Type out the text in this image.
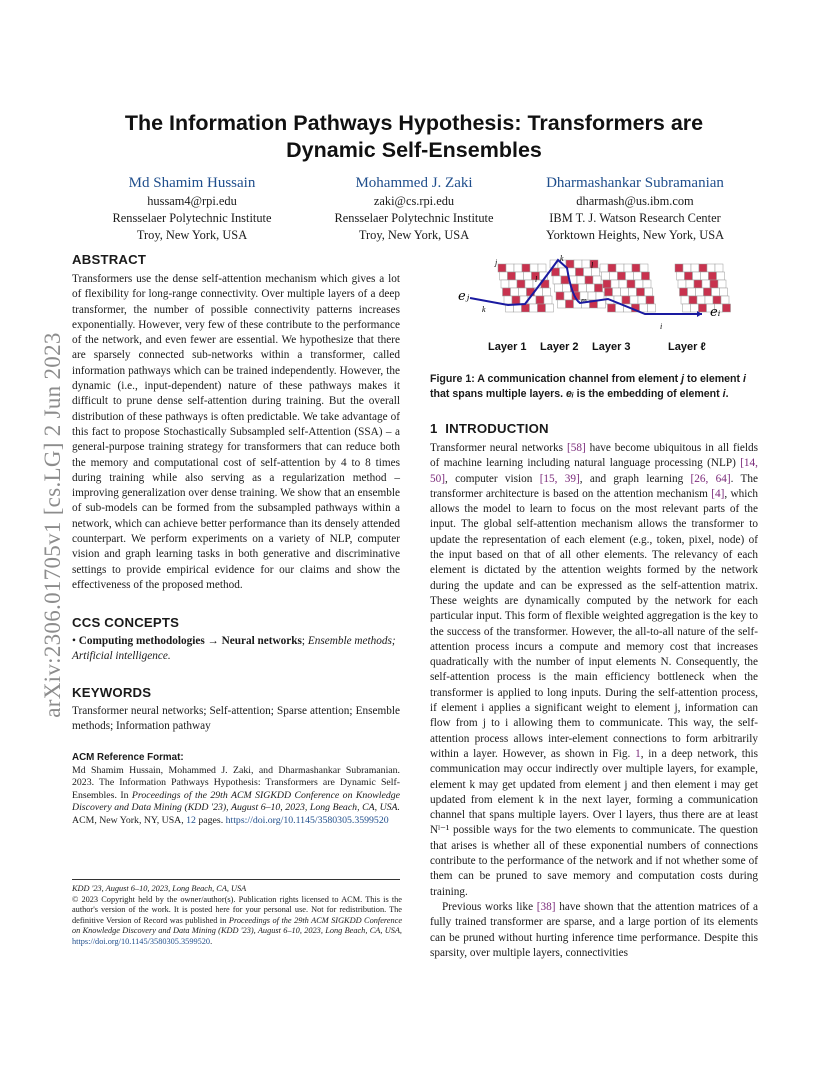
arXiv:2306.01705v1 [cs.LG] 2 Jun 2023
The Information Pathways Hypothesis: Transformers are Dynamic Self-Ensembles
Md Shamim Hussain
hussam4@rpi.edu
Rensselaer Polytechnic Institute
Troy, New York, USA
Mohammed J. Zaki
zaki@cs.rpi.edu
Rensselaer Polytechnic Institute
Troy, New York, USA
Dharmashankar Subramanian
dharmash@us.ibm.com
IBM T. J. Watson Research Center
Yorktown Heights, New York, USA
ABSTRACT
Transformers use the dense self-attention mechanism which gives a lot of flexibility for long-range connectivity. Over multiple layers of a deep transformer, the number of possible connectivity patterns increases exponentially. However, very few of these contribute to the performance of the network, and even fewer are essential. We hypothesize that there are sparsely connected sub-networks within a transformer, called information pathways which can be trained independently. However, the dynamic (i.e., input-dependent) nature of these pathways makes it difficult to prune dense self-attention during training. But the overall distribution of these pathways is often predictable. We take advantage of this fact to propose Stochastically Subsampled self-Attention (SSA) – a general-purpose training strategy for transformers that can reduce both the memory and computational cost of self-attention by 4 to 8 times during training while also serving as a regularization method – improving generalization over dense training. We show that an ensemble of sub-models can be formed from the subsampled pathways within a network, which can achieve better performance than its densely attended counterpart. We perform experiments on a variety of NLP, computer vision and graph learning tasks in both generative and discriminative settings to provide empirical evidence for our claims and show the effectiveness of the proposed method.
CCS CONCEPTS
• Computing methodologies → Neural networks; Ensemble methods; Artificial intelligence.
KEYWORDS
Transformer neural networks; Self-attention; Sparse attention; Ensemble methods; Information pathway
ACM Reference Format:
Md Shamim Hussain, Mohammed J. Zaki, and Dharmashankar Subramanian. 2023. The Information Pathways Hypothesis: Transformers are Dynamic Self-Ensembles. In Proceedings of the 29th ACM SIGKDD Conference on Knowledge Discovery and Data Mining (KDD '23), August 6–10, 2023, Long Beach, CA, USA. ACM, New York, NY, USA, 12 pages. https://doi.org/10.1145/3580305.3599520
KDD '23, August 6–10, 2023, Long Beach, CA, USA
© 2023 Copyright held by the owner/author(s). Publication rights licensed to ACM. This is the author's version of the work. It is posted here for your personal use. Not for redistribution. The definitive Version of Record was published in Proceedings of the 29th ACM SIGKDD Conference on Knowledge Discovery and Data Mining (KDD '23), August 6–10, 2023, Long Beach, CA, USA, https://doi.org/10.1145/3580305.3599520.
eⱼ
eᵢ
j
k
k
l
l
m
i
Layer 1 Layer 2 Layer 3	Layer ℓ
Figure 1: A communication channel from element j to element i that spans multiple layers. eᵢ is the embedding of element i.
1 INTRODUCTION

Transformer neural networks [58] have become ubiquitous in all fields of machine learning including natural language processing (NLP) [14, 50], computer vision [15, 39], and graph learning [26, 64]. The transformer architecture is based on the attention mechanism [4], which allows the model to learn to focus on the most relevant parts of the input. The global self-attention mechanism allows the transformer to update the representation of each element (e.g., token, pixel, node) of the input based on that of all other elements. The relevancy of each element is dictated by the attention weights formed by the network during the update and can be expressed as the self-attention matrix. These weights are dynamically computed by the network for each particular input. This form of flexible weighted aggregation is the key to the success of the transformer. However, the all-to-all nature of the self-attention process incurs a compute and memory cost that increases quadratically with the number of input elements N. Consequently, the self-attention process is the main efficiency bottleneck when the transformer is applied to long inputs. During the self-attention process, if element i applies a significant weight to element j, information can flow from j to i allowing them to communicate. This way, the self-attention process allows inter-element connections to form arbitrarily within a layer. However, as shown in Fig. 1, in a deep network, this communication may occur indirectly over multiple layers, for example, element k may get updated from element j and then element i may get updated from element k in the next layer, forming a communication channel that spans multiple layers. Over l layers, thus there are at least Nˡ⁻¹ possible ways for the two elements to communicate. The question that arises is whether all of these exponential numbers of connections contribute to the performance of the network and if not whether some of them can be pruned to save memory and computation costs during training.

Previous works like [38] have shown that the attention matrices of a fully trained transformer are sparse, and a large portion of its elements can be pruned without hurting inference time performance. Despite this sparsity, over multiple layers, connectivities
